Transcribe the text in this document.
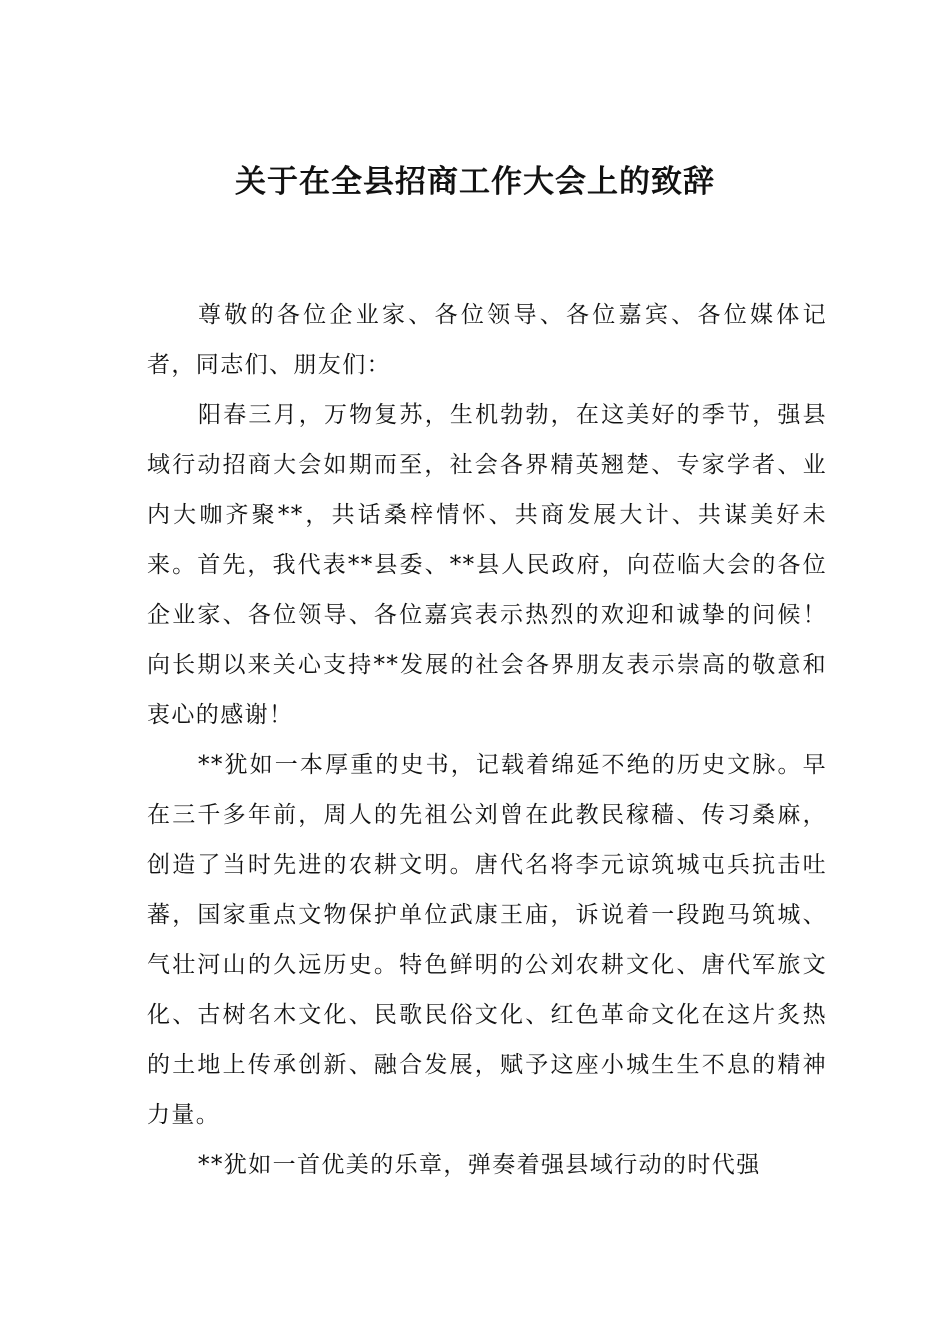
关于在全县招商工作大会上的致辞

尊敬的各位企业家、各位领导、各位嘉宾、各位媒体记者，同志们、朋友们：

阳春三月，万物复苏，生机勃勃，在这美好的季节，强县域行动招商大会如期而至，社会各界精英翘楚、专家学者、业内大咖齐聚**，共话桑梓情怀、共商发展大计、共谋美好未来。首先，我代表**县委、**县人民政府，向莅临大会的各位企业家、各位领导、各位嘉宾表示热烈的欢迎和诚挚的问候！向长期以来关心支持**发展的社会各界朋友表示崇高的敬意和衷心的感谢！

**犹如一本厚重的史书，记载着绵延不绝的历史文脉。早在三千多年前，周人的先祖公刘曾在此教民稼穑、传习桑麻，创造了当时先进的农耕文明。唐代名将李元谅筑城屯兵抗击吐蕃，国家重点文物保护单位武康王庙，诉说着一段跑马筑城、气壮河山的久远历史。特色鲜明的公刘农耕文化、唐代军旅文化、古树名木文化、民歌民俗文化、红色革命文化在这片炙热的土地上传承创新、融合发展，赋予这座小城生生不息的精神力量。

**犹如一首优美的乐章，弹奏着强县域行动的时代强
